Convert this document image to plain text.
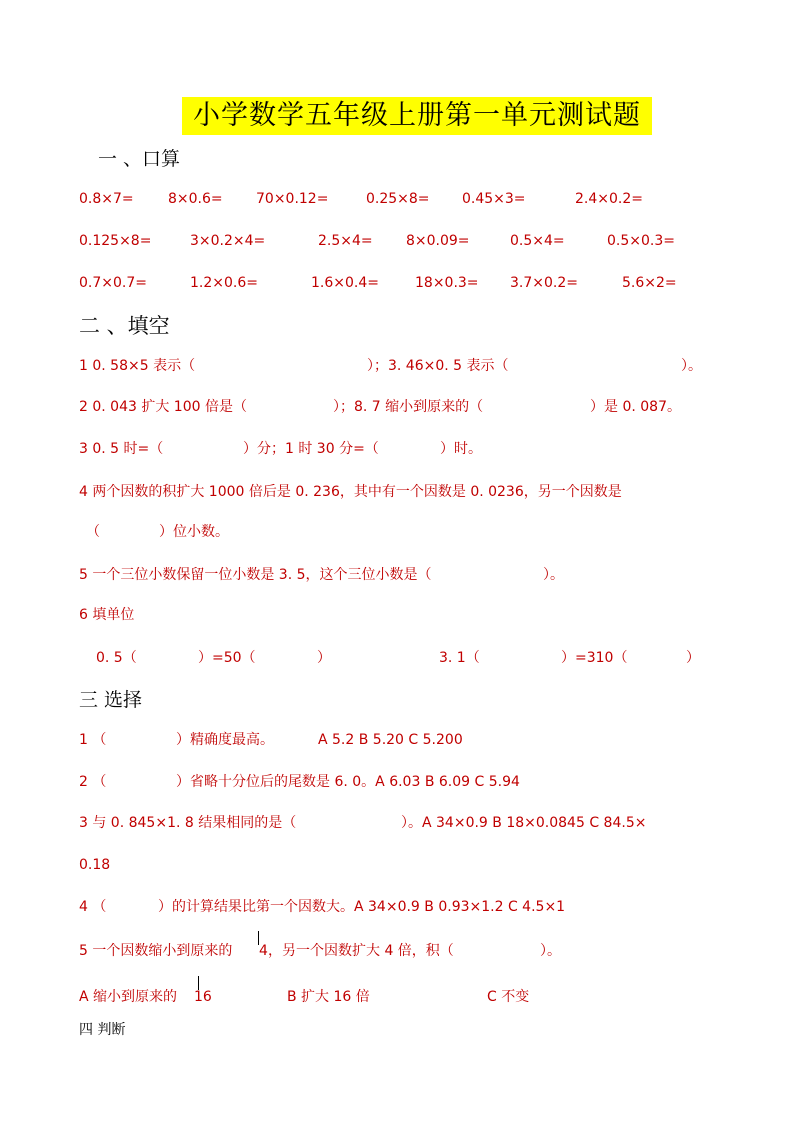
小学数学五年级上册第一单元测试题
一 、口算
0.8×7= 8×0.6= 70×0.12=	0.25×8= 0.45×3=	2.4×0.2=
0.125×8=	3×0.2×4=	2.5×4= 8×0.09=	0.5×4=	0.5×0.3=
0.7×0.7=	1.2×0.6=	1.6×0.4=	18×0.3= 3.7×0.2=	5.6×2=
二 、填空
1 0. 58×5 表示（	）；3. 46×0. 5 表示（	）。
2 0. 043 扩大 100 倍是（	）；8. 7 缩小到原来的（	）是 0. 087。
3 0. 5 时=（	）分；1 时 30 分=（	）时。
4 两个因数的积扩大 1000 倍后是 0. 236，其中有一个因数是 0. 0236，另一个因数是
（	）位小数。
5 一个三位小数保留一位小数是 3. 5，这个三位小数是（	）。
6 填单位
0. 5（	）=50（	）	3. 1（	）=310（	）
三 选择
1 （	）精确度最高。	A 5.2 B 5.20 C 5.200
2 （	）省略十分位后的尾数是 6. 0。A 6.03 B 6.09 C 5.94
3 与 0. 845×1. 8 结果相同的是（	）。A 34×0.9 B 18×0.0845 C 84.5×
0.18
4 （	）的计算结果比第一个因数大。A 34×0.9 B 0.93×1.2 C 4.5×1
5 一个因数缩小到原来的 4 ，另一个因数扩大 4 倍，积（	）。
A 缩小到原来的 16	B 扩大 16 倍	C 不变
四 判断
